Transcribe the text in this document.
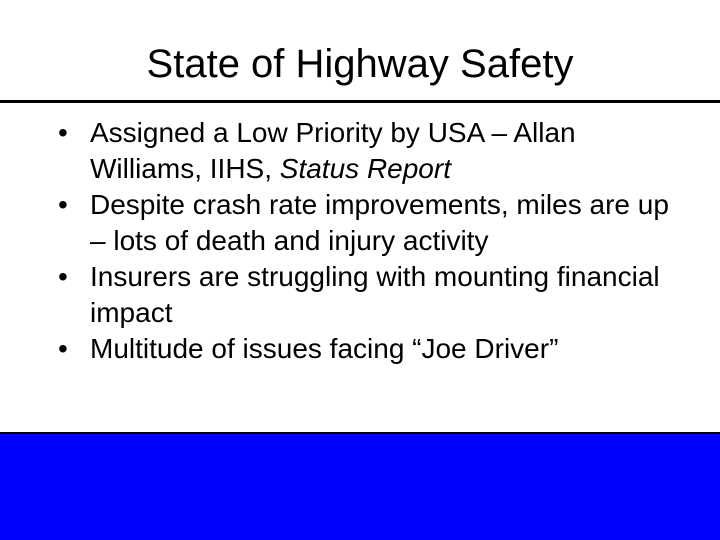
State of Highway Safety
• Assigned a Low Priority by USA – Allan Williams, IIHS, Status Report
• Despite crash rate improvements, miles are up – lots of death and injury activity
• Insurers are struggling with mounting financial impact
• Multitude of issues facing “Joe Driver”
